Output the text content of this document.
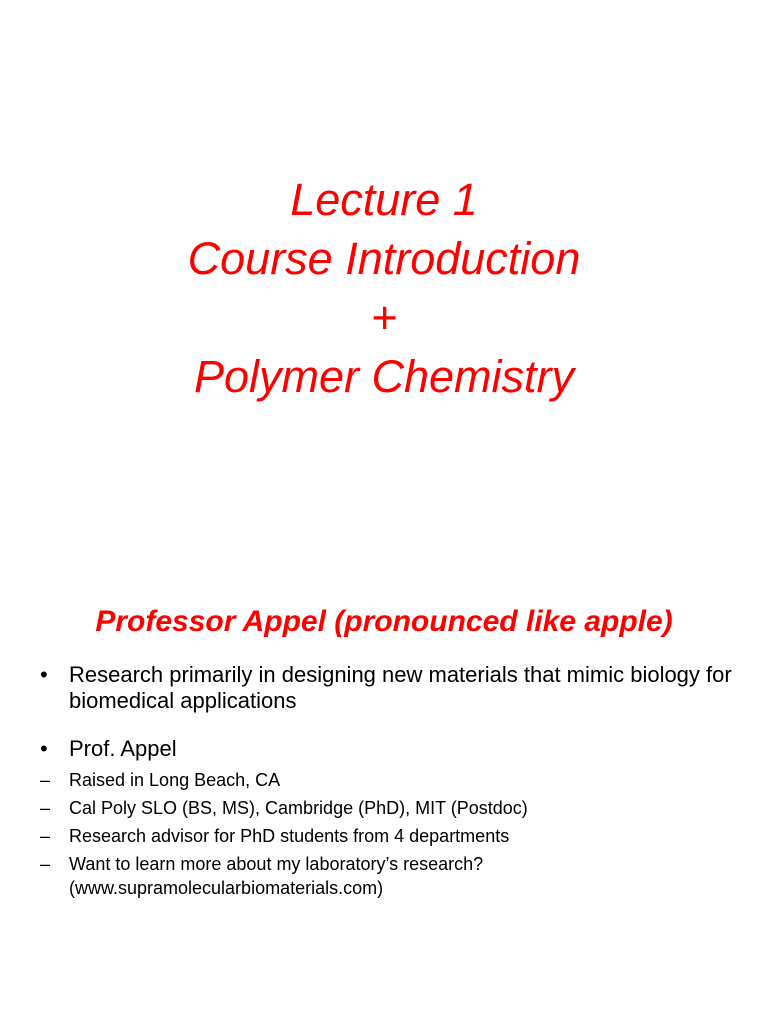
Lecture 1
Course Introduction
+
Polymer Chemistry
Professor Appel (pronounced like apple)
• Research primarily in designing new materials that mimic biology for biomedical applications
• Prof. Appel
– Raised in Long Beach, CA
– Cal Poly SLO (BS, MS), Cambridge (PhD), MIT (Postdoc)
– Research advisor for PhD students from 4 departments
– Want to learn more about my laboratory’s research? (www.supramolecularbiomaterials.com)
